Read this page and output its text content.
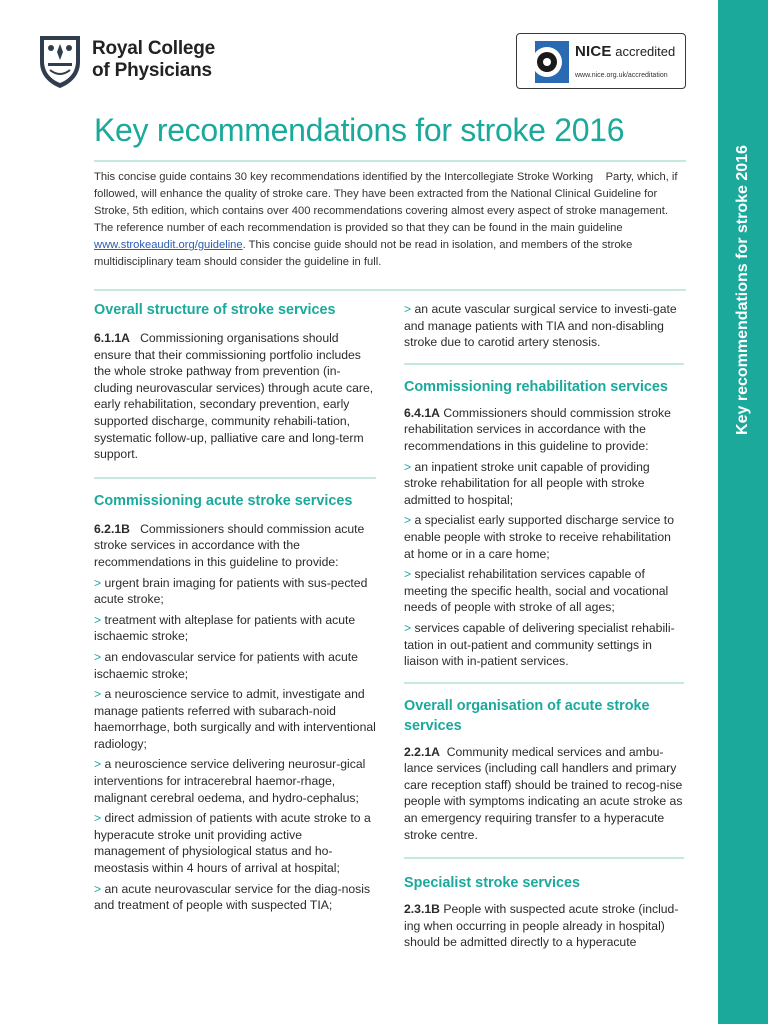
Key recommendations for stroke 2016
Royal College
of Physicians
NICE accredited
www.nice.org.uk/accreditation
Key recommendations for stroke 2016

This concise guide contains 30 key recommendations identified by the Intercollegiate Stroke Working    Party, which, if followed, will enhance the quality of stroke care. They have been extracted from the National Clinical Guideline for Stroke, 5th edition, which contains over 400 recommendations covering almost every aspect of stroke management. The reference number of each recommendation is provided so that they can be found in the main guideline www.strokeaudit.org/guideline. This concise guide should not be read in isolation, and members of the stroke multidisciplinary team should consider the guideline in full.

Overall structure of stroke services

6.1.1A Commissioning organisations should ensure that their commissioning portfolio includes the whole stroke pathway from prevention (in-cluding neurovascular services) through acute care, early rehabilitation, secondary prevention, early supported discharge, community rehabili-tation, systematic follow-up, palliative care and long-term support.

Commissioning acute stroke services

6.2.1B Commissioners should commission acute stroke services in accordance with the recommendations in this guideline to provide:

> urgent brain imaging for patients with sus-pected acute stroke;
> treatment with alteplase for patients with acute ischaemic stroke;
> an endovascular service for patients with acute ischaemic stroke;
> a neuroscience service to admit, investigate and manage patients referred with subarach-noid haemorrhage, both surgically and with interventional radiology;
> a neuroscience service delivering neurosur-gical interventions for intracerebral haemor-rhage, malignant cerebral oedema, and hydro-cephalus;
> direct admission of patients with acute stroke to a hyperacute stroke unit providing active management of physiological status and ho-meostasis within 4 hours of arrival at hospital;
> an acute neurovascular service for the diag-nosis and treatment of people with suspected TIA;
> an acute vascular surgical service to investi-gate and manage patients with TIA and non-disabling stroke due to carotid artery stenosis.
Commissioning rehabilitation services

6.4.1A Commissioners should commission stroke rehabilitation services in accordance with the recommendations in this guideline to provide:

> an inpatient stroke unit capable of providing stroke rehabilitation for all people with stroke admitted to hospital;
> a specialist early supported discharge service to enable people with stroke to receive rehabilitation at home or in a care home;
> specialist rehabilitation services capable of meeting the specific health, social and vocational needs of people with stroke of all ages;
> services capable of delivering specialist rehabili-tation in out-patient and community settings in liaison with in-patient services.
Overall organisation of acute stroke services

2.2.1A Community medical services and ambu-lance services (including call handlers and primary care reception staff) should be trained to recog-nise people with symptoms indicating an acute stroke as an emergency requiring transfer to a hyperacute stroke centre.

Specialist stroke services

2.3.1B People with suspected acute stroke (includ-ing when occurring in people already in hospital) should be admitted directly to a hyperacute
